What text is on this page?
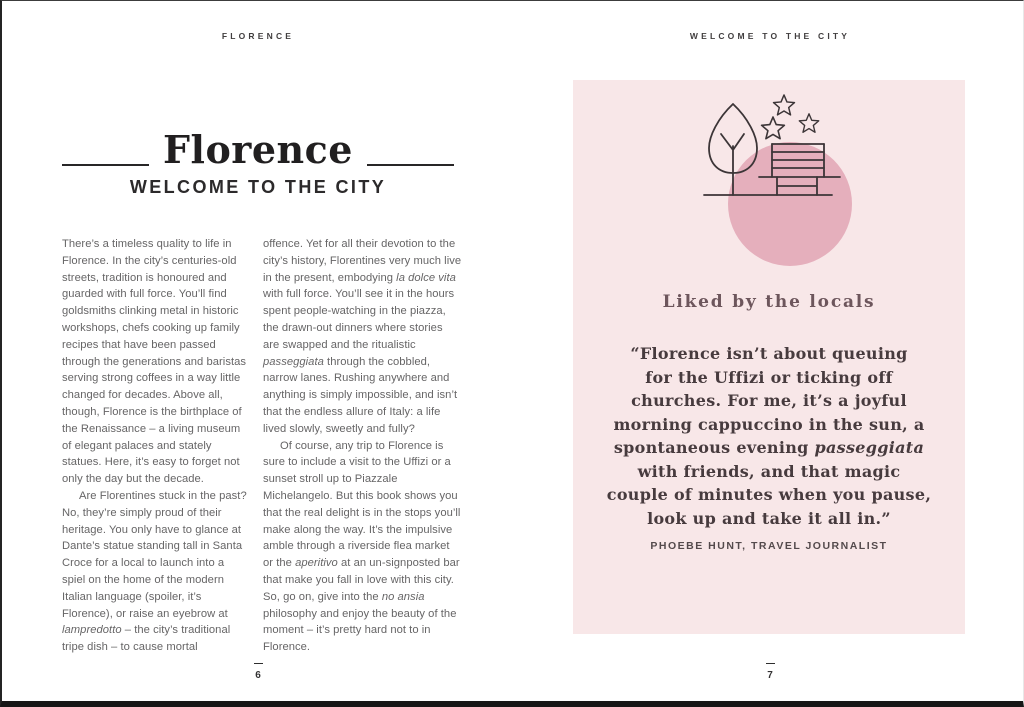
FLORENCE	WELCOME TO THE CITY
Florence
WELCOME TO THE CITY

There’s a timeless quality to life in Florence. In the city’s centuries-old streets, tradition is honoured and guarded with full force. You’ll find goldsmiths clinking metal in historic workshops, chefs cooking up family recipes that have been passed through the generations and baristas serving strong coffees in a way little changed for decades. Above all, though, Florence is the birthplace of the Renaissance – a living museum of elegant palaces and stately statues. Here, it’s easy to forget not only the day but the decade.

Are Florentines stuck in the past? No, they’re simply proud of their heritage. You only have to glance at Dante’s statue standing tall in Santa Croce for a local to launch into a spiel on the home of the modern Italian language (spoiler, it’s Florence), or raise an eyebrow at lampredotto – the city’s traditional tripe dish – to cause mortal

offence. Yet for all their devotion to the city’s history, Florentines very much live in the present, embodying la dolce vita with full force. You’ll see it in the hours spent people-watching in the piazza, the drawn-out dinners where stories are swapped and the ritualistic passeggiata through the cobbled, narrow lanes. Rushing anywhere and anything is simply impossible, and isn’t that the endless allure of Italy: a life lived slowly, sweetly and fully?

Of course, any trip to Florence is sure to include a visit to the Uffizi or a sunset stroll up to Piazzale Michelangelo. But this book shows you that the real delight is in the stops you’ll make along the way. It’s the impulsive amble through a riverside flea market or the aperitivo at an un-signposted bar that make you fall in love with this city. So, go on, give into the no ansia philosophy and enjoy the beauty of the moment – it’s pretty hard not to in Florence.

Liked by the locals
“Florence isn’t about queuing
for the Uffizi or ticking off
churches. For me, it’s a joyful
morning cappuccino in the sun, a
spontaneous evening passeggiata
with friends, and that magic
couple of minutes when you pause,
look up and take it all in.”
PHOEBE HUNT, TRAVEL JOURNALIST
6	7
